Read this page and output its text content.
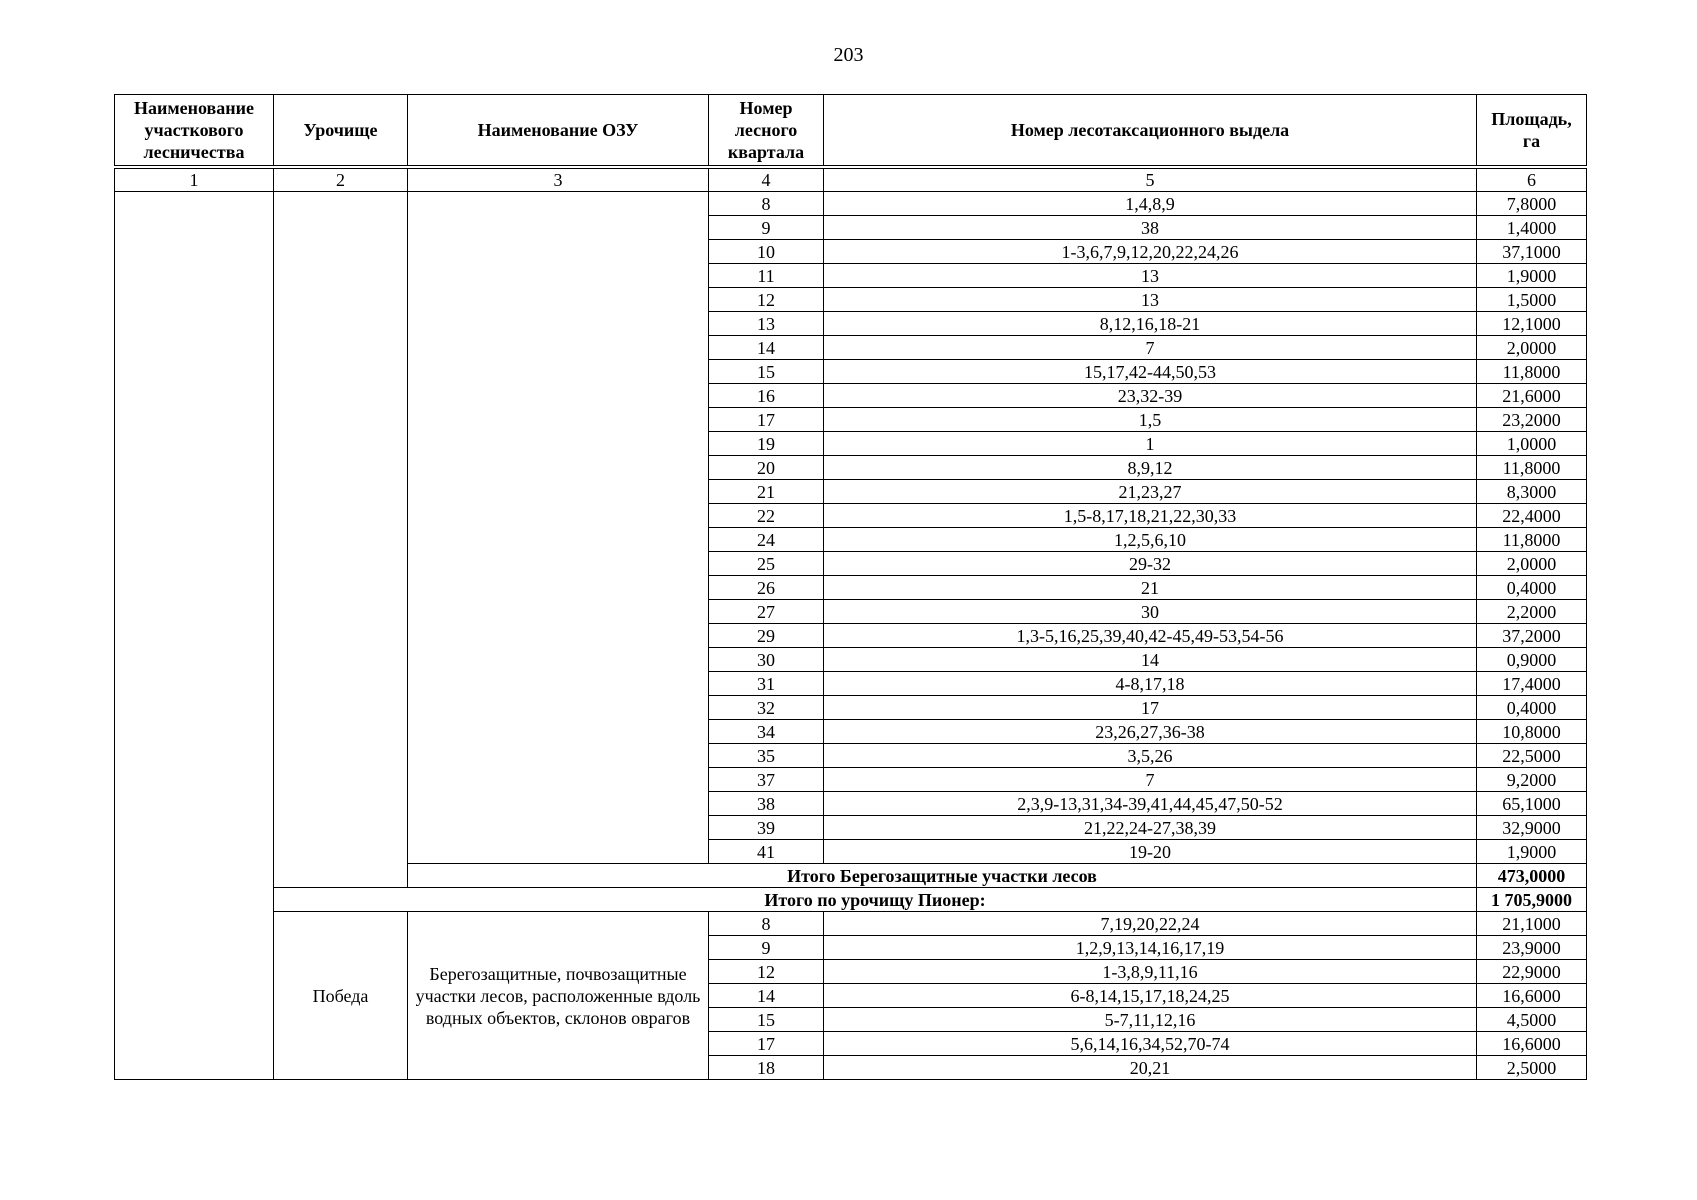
203
Наименование участкового лесничества	Урочище	Наименование ОЗУ	Номер лесного квартала	Номер лесотаксационного выдела	Площадь, га
1	2	3	4	5	6
			8	1,4,8,9	7,8000
			9	38	1,4000
			10	1-3,6,7,9,12,20,22,24,26	37,1000
			11	13	1,9000
			12	13	1,5000
			13	8,12,16,18-21	12,1000
			14	7	2,0000
			15	15,17,42-44,50,53	11,8000
			16	23,32-39	21,6000
			17	1,5	23,2000
			19	1	1,0000
			20	8,9,12	11,8000
			21	21,23,27	8,3000
			22	1,5-8,17,18,21,22,30,33	22,4000
			24	1,2,5,6,10	11,8000
			25	29-32	2,0000
			26	21	0,4000
			27	30	2,2000
			29	1,3-5,16,25,39,40,42-45,49-53,54-56	37,2000
			30	14	0,9000
			31	4-8,17,18	17,4000
			32	17	0,4000
			34	23,26,27,36-38	10,8000
			35	3,5,26	22,5000
			37	7	9,2000
			38	2,3,9-13,31,34-39,41,44,45,47,50-52	65,1000
			39	21,22,24-27,38,39	32,9000
			41	19-20	1,9000
		Итого Берегозащитные участки лесов			473,0000
	Итого по урочищу Пионер:				1 705,9000
	Победа	Берегозащитные, почвозащитные участки лесов, расположенные вдоль водных объектов, склонов оврагов	8	7,19,20,22,24	21,1000
			9	1,2,9,13,14,16,17,19	23,9000
			12	1-3,8,9,11,16	22,9000
			14	6-8,14,15,17,18,24,25	16,6000
			15	5-7,11,12,16	4,5000
			17	5,6,14,16,34,52,70-74	16,6000
			18	20,21	2,5000
